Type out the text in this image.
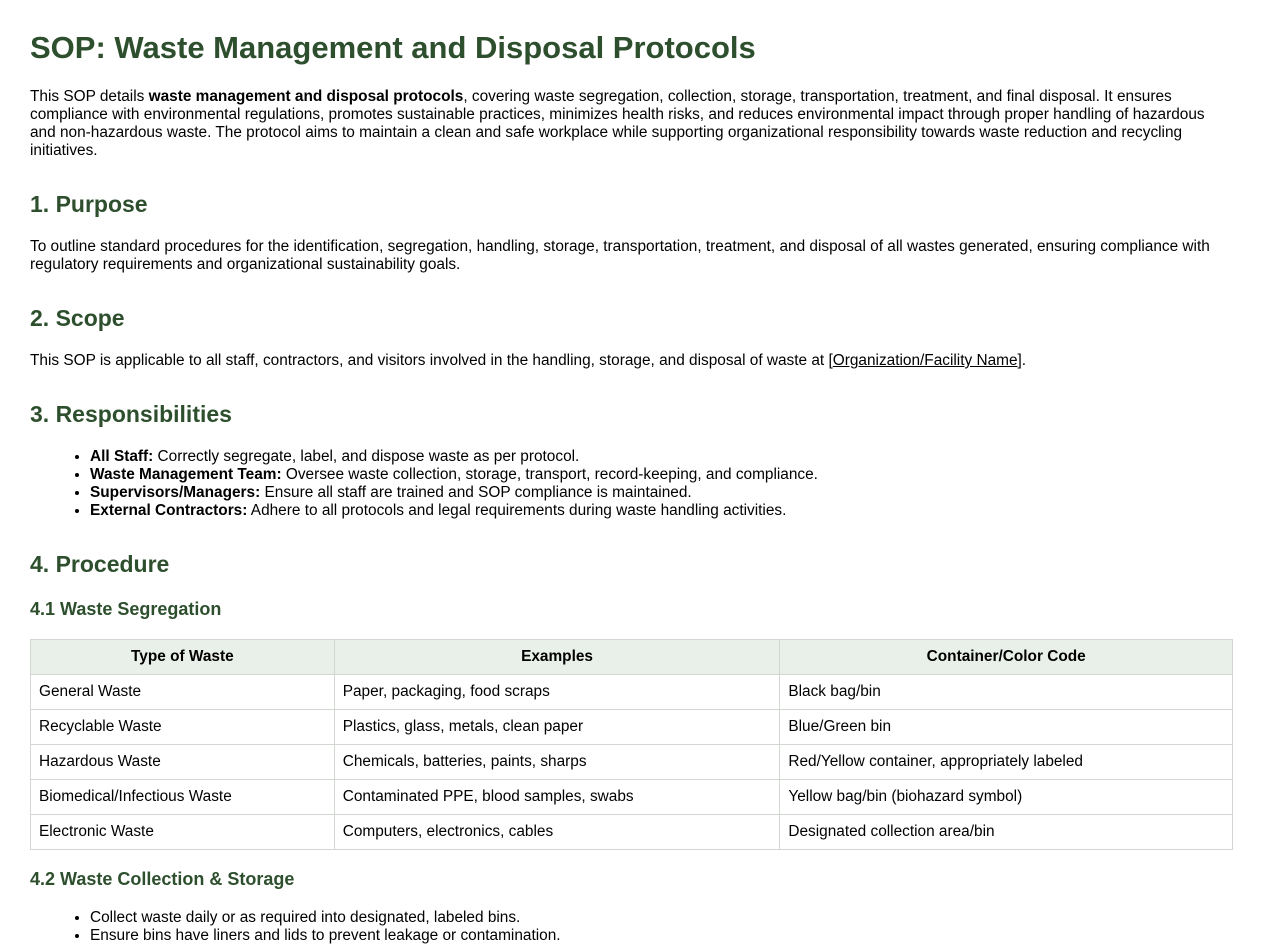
SOP: Waste Management and Disposal Protocols

This SOP details waste management and disposal protocols, covering waste segregation, collection, storage, transportation, treatment, and final disposal. It ensures compliance with environmental regulations, promotes sustainable practices, minimizes health risks, and reduces environmental impact through proper handling of hazardous and non-hazardous waste. The protocol aims to maintain a clean and safe workplace while supporting organizational responsibility towards waste reduction and recycling initiatives.

1. Purpose

To outline standard procedures for the identification, segregation, handling, storage, transportation, treatment, and disposal of all wastes generated, ensuring compliance with regulatory requirements and organizational sustainability goals.

2. Scope

This SOP is applicable to all staff, contractors, and visitors involved in the handling, storage, and disposal of waste at [Organization/Facility Name].

3. Responsibilities
• All Staff: Correctly segregate, label, and dispose waste as per protocol.
• Waste Management Team: Oversee waste collection, storage, transport, record-keeping, and compliance.
• Supervisors/Managers: Ensure all staff are trained and SOP compliance is maintained.
• External Contractors: Adhere to all protocols and legal requirements during waste handling activities.
4. Procedure
4.1 Waste Segregation
Type of Waste	Examples	Container/Color Code
General Waste	Paper, packaging, food scraps	Black bag/bin
Recyclable Waste	Plastics, glass, metals, clean paper	Blue/Green bin
Hazardous Waste	Chemicals, batteries, paints, sharps	Red/Yellow container, appropriately labeled
Biomedical/Infectious Waste	Contaminated PPE, blood samples, swabs	Yellow bag/bin (biohazard symbol)
Electronic Waste	Computers, electronics, cables	Designated collection area/bin
4.2 Waste Collection & Storage
• Collect waste daily or as required into designated, labeled bins.
• Ensure bins have liners and lids to prevent leakage or contamination.
